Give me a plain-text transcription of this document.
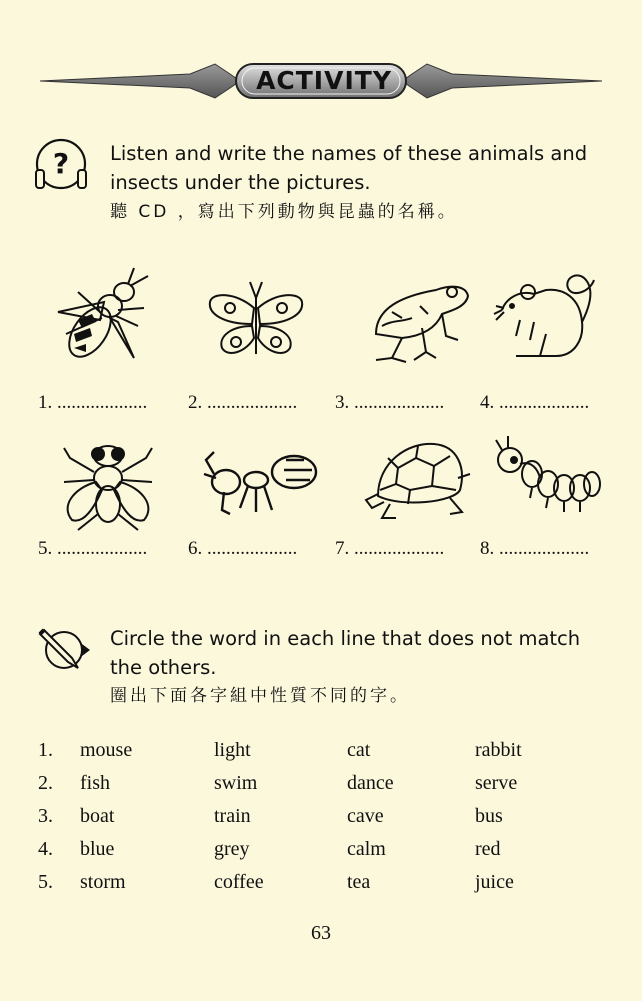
ACTIVITY
? Listen and write the names of these animals and
insects under the pictures.
聽 CD ，寫出下列動物與昆蟲的名稱。
1. ................... 2. ................... 3. ................... 4. ...................
5. ................... 6. ................... 7. ................... 8. ...................
Circle the word in each line that does not match
the others.
圈出下面各字組中性質不同的字。
1. mouse	light	cat	rabbit
2. fish	swim	dance	serve
3. boat	train	cave	bus
4. blue	grey	calm	red
5. storm	coffee	tea	juice
63
